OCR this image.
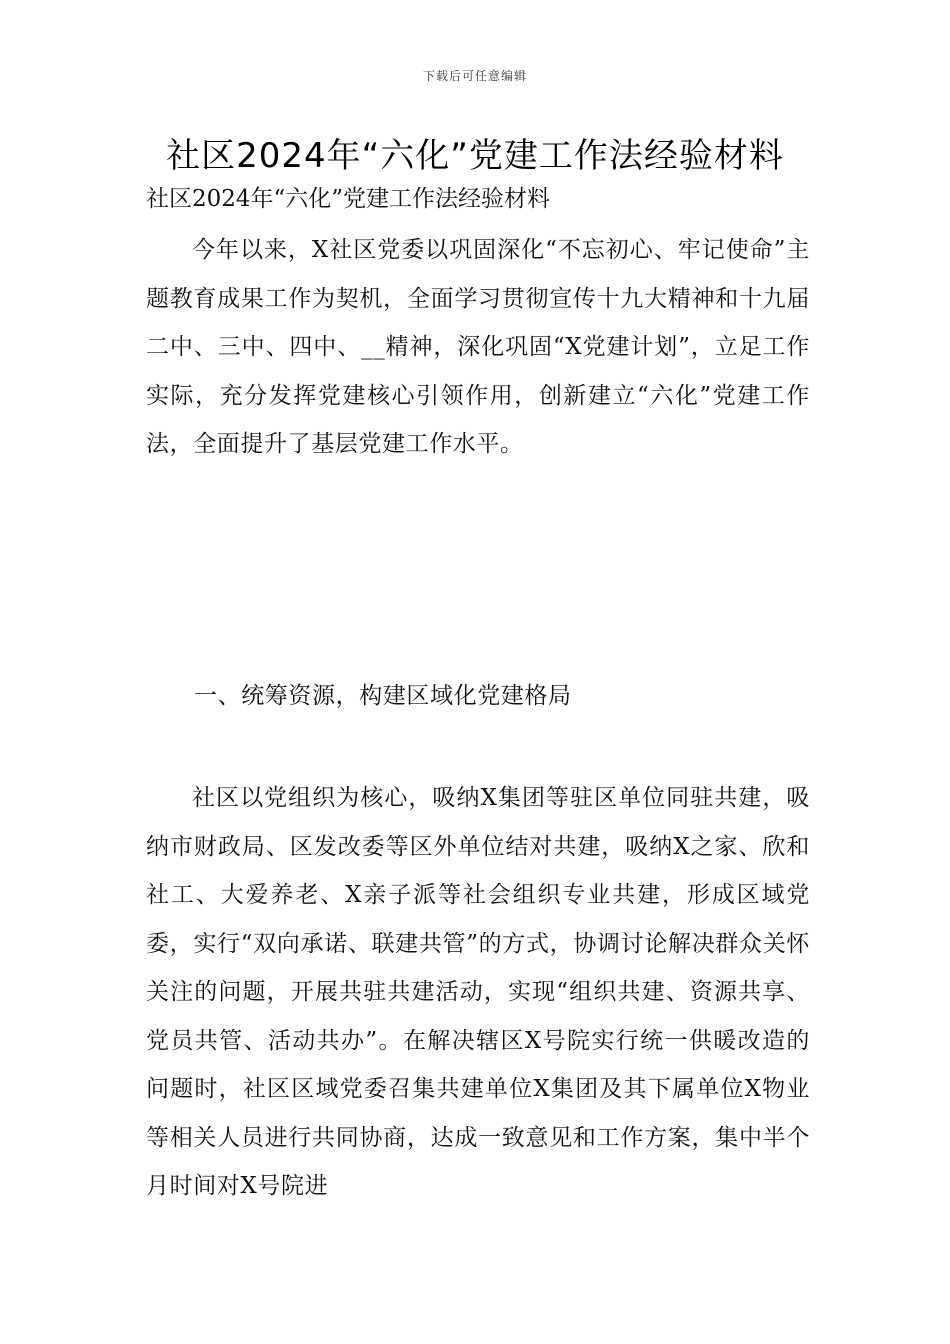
下载后可任意编辑
社区2024年“六化”党建工作法经验材料

社区2024年“六化”党建工作法经验材料

今年以来，X社区党委以巩固深化“不忘初心、牢记使命”主题教育成果工作为契机，全面学习贯彻宣传十九大精神和十九届二中、三中、四中、__精神，深化巩固“X党建计划”，立足工作实际，充分发挥党建核心引领作用，创新建立“六化”党建工作法，全面提升了基层党建工作水平。

一、统筹资源，构建区域化党建格局

社区以党组织为核心，吸纳X集团等驻区单位同驻共建，吸纳市财政局、区发改委等区外单位结对共建，吸纳X之家、欣和社工、大爱养老、X亲子派等社会组织专业共建，形成区域党委，实行“双向承诺、联建共管”的方式，协调讨论解决群众关怀关注的问题，开展共驻共建活动，实现“组织共建、资源共享、党员共管、活动共办”。在解决辖区X号院实行统一供暖改造的问题时，社区区域党委召集共建单位X集团及其下属单位X物业等相关人员进行共同协商，达成一致意见和工作方案，集中半个月时间对X号院进
